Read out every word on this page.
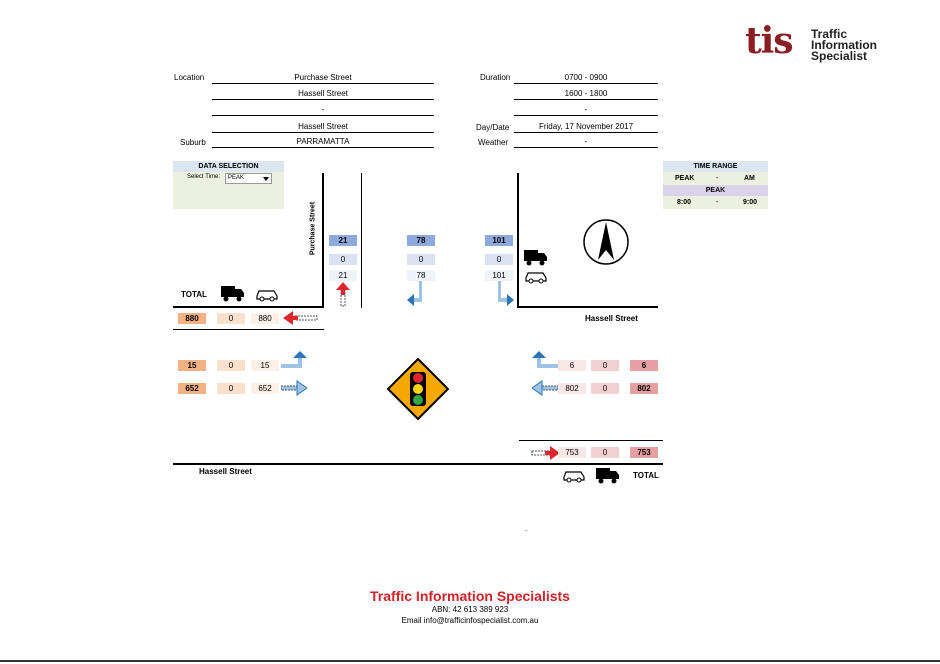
tis Traffic
Information
Specialist
Location	Purchase Street
Hassell Street
-
Hassell Street
Suburb	PARRAMATTA
Duration	0700 - 0900
1600 - 1800
-
Day/Date	Friday, 17 November 2017
Weather	-
DATA SELECTION
Select Time:	PEAK
TIME RANGE
PEAK	-	AM
PEAK
8:00	-	9:00
Purchase Street
Hassell Street
Hassell Street
21	78	101
0	0	0
21	78	101
TOTAL
880	0	880
15	0	15
652	0	652
6	0	6
802	0	802
753	0	753
TOTAL
.
Traffic Information Specialists
ABN: 42 613 389 923
Email info@trafficinfospecialist.com.au
